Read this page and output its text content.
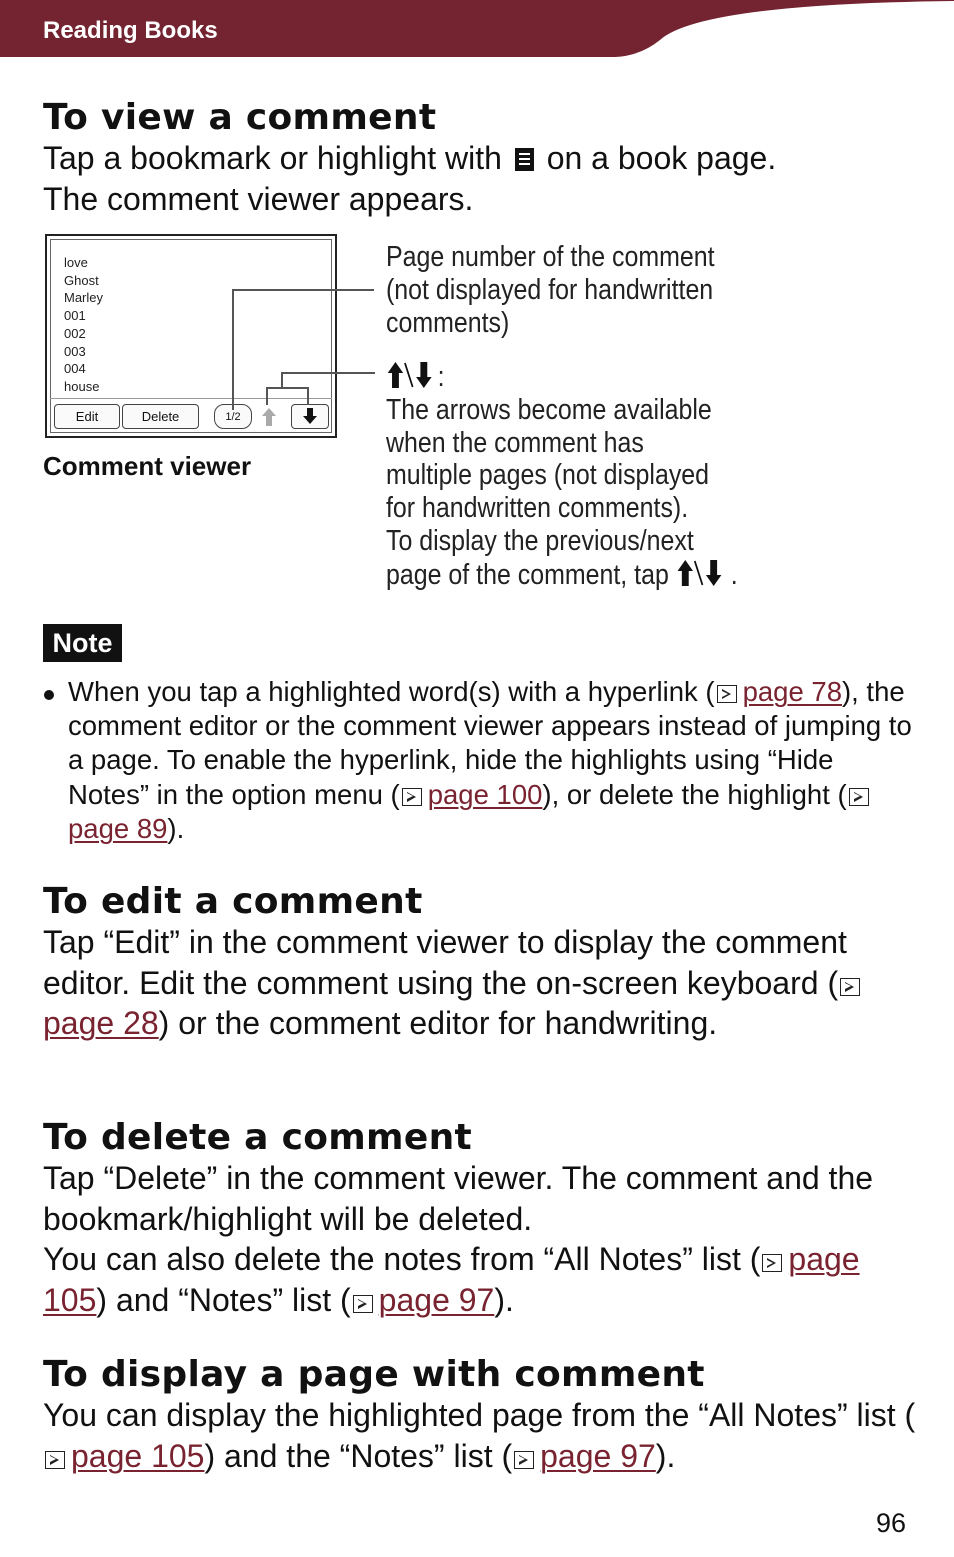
Reading Books
To view a comment

Tap a bookmark or highlight with on a book page.
The comment viewer appears.

love
Ghost
Marley
001
002
003
004
house
Edit	Delete	1/2
Comment viewer
Page number of the comment
(not displayed for handwritten
comments)
:
The arrows become available
when the comment has
multiple pages (not displayed
for handwritten comments).
To display the previous/next
page of the comment, tap .
Note

When you tap a highlighted word(s) with a hyperlink ( page 78), the comment editor or the comment viewer appears instead of jumping to a page. To enable the hyperlink, hide the highlights using “Hide Notes” in the option menu ( page 100), or delete the highlight (page 89).

To edit a comment

Tap “Edit” in the comment viewer to display the comment editor. Edit the comment using the on-screen keyboard (page 28) or the comment editor for handwriting.

To delete a comment

Tap “Delete” in the comment viewer. The comment and the bookmark/highlight will be deleted.
You can also delete the notes from “All Notes” list ( page 105) and “Notes” list ( page 97).

To display a page with comment

You can display the highlighted page from the “All Notes” list (page 105) and the “Notes” list ( page 97).

96
